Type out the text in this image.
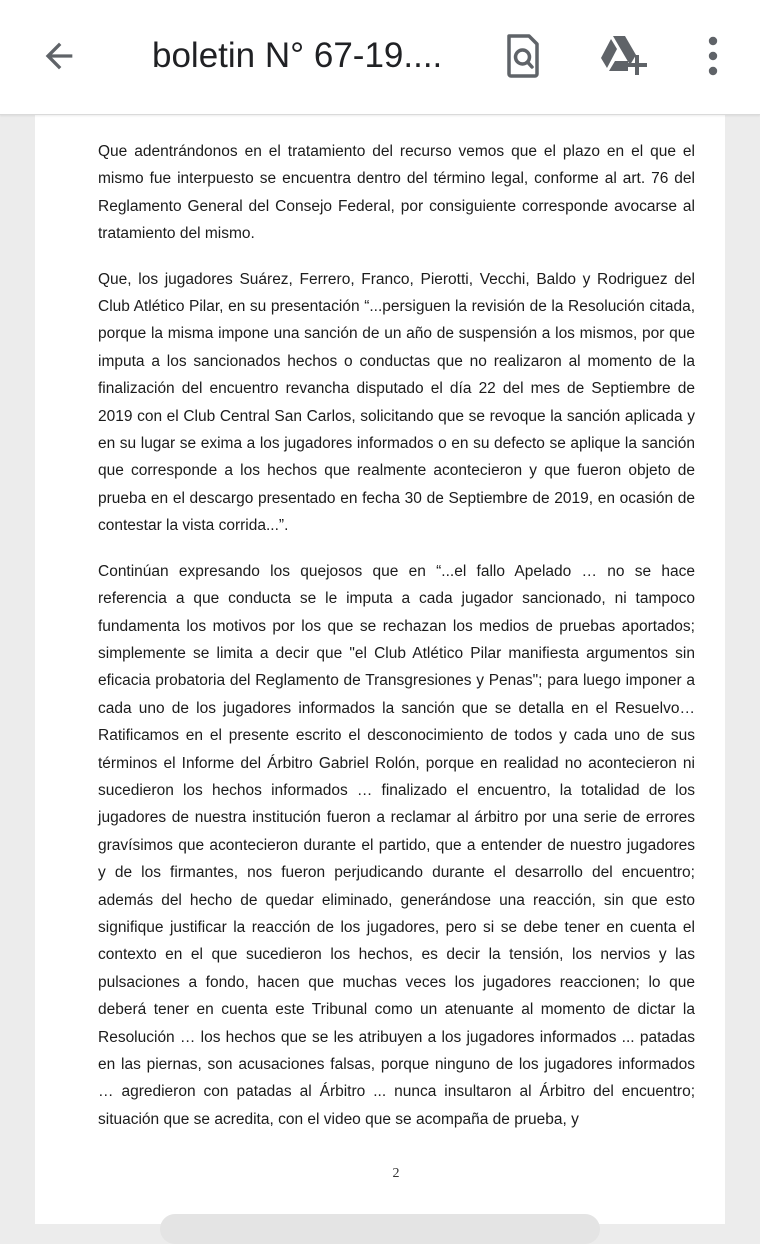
boletin N° 67-19....

Que adentrándonos en el tratamiento del recurso vemos que el plazo en el que el mismo fue interpuesto se encuentra dentro del término legal, conforme al art. 76 del Reglamento General del Consejo Federal, por consiguiente corresponde avocarse al tratamiento del mismo.

Que, los jugadores Suárez, Ferrero, Franco, Pierotti, Vecchi, Baldo y Rodriguez del Club Atlético Pilar, en su presentación “...persiguen la revisión de la Resolución citada, porque la misma impone una sanción de un año de suspensión a los mismos, por que imputa a los sancionados hechos o conductas que no realizaron al momento de la finalización del encuentro revancha disputado el día 22 del mes de Septiembre de 2019 con el Club Central San Carlos, solicitando que se revoque la sanción aplicada y en su lugar se exima a los jugadores informados o en su defecto se aplique la sanción que corresponde a los hechos que realmente acontecieron y que fueron objeto de prueba en el descargo presentado en fecha 30 de Septiembre de 2019, en ocasión de contestar la vista corrida...”.

Continúan expresando los quejosos que en “...el fallo Apelado … no se hace referencia a que conducta se le imputa a cada jugador sancionado, ni tampoco fundamenta los motivos por los que se rechazan los medios de pruebas aportados; simplemente se limita a decir que "el Club Atlético Pilar manifiesta argumentos sin eficacia probatoria del Reglamento de Transgresiones y Penas"; para luego imponer a cada uno de los jugadores informados la sanción que se detalla en el Resuelvo… Ratificamos en el presente escrito el desconocimiento de todos y cada uno de sus términos el Informe del Árbitro Gabriel Rolón, porque en realidad no acontecieron ni sucedieron los hechos informados … finalizado el encuentro, la totalidad de los jugadores de nuestra institución fueron a reclamar al árbitro por una serie de errores gravísimos que acontecieron durante el partido, que a entender de nuestro jugadores y de los firmantes, nos fueron perjudicando durante el desarrollo del encuentro; además del hecho de quedar eliminado, generándose una reacción, sin que esto signifique justificar la reacción de los jugadores, pero si se debe tener en cuenta el contexto en el que sucedieron los hechos, es decir la tensión, los nervios y las pulsaciones a fondo, hacen que muchas veces los jugadores reaccionen; lo que deberá tener en cuenta este Tribunal como un atenuante al momento de dictar la Resolución … los hechos que se les atribuyen a los jugadores informados ... patadas en las piernas, son acusaciones falsas, porque ninguno de los jugadores informados … agredieron con patadas al Árbitro ... nunca insultaron al Árbitro del encuentro; situación que se acredita, con el video que se acompaña de prueba, y

2
